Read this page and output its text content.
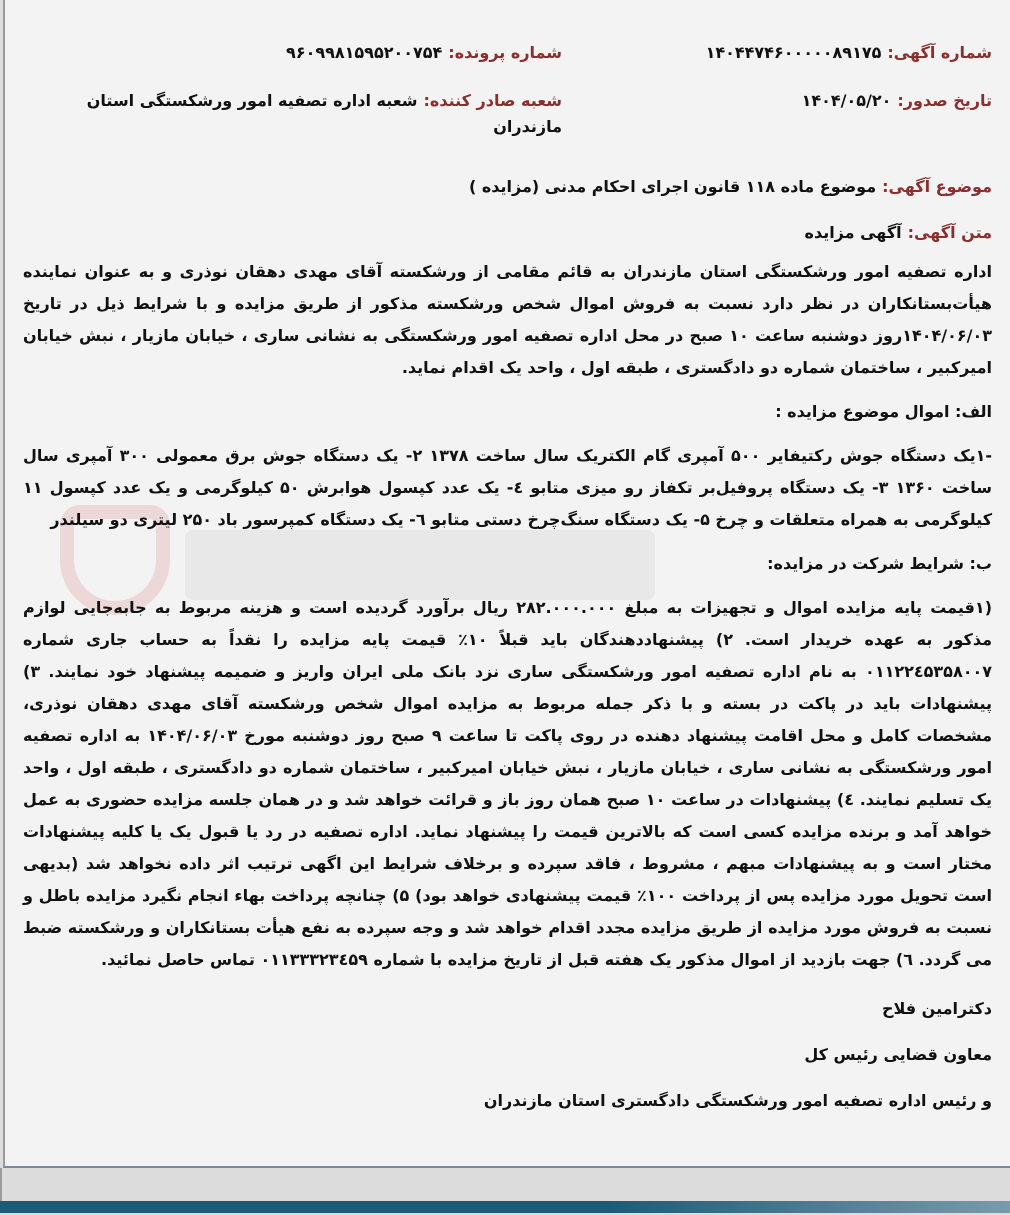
شماره آگهی:۱۴۰۴۴۷۴۶۰۰۰۰۰۸۹۱۷۵
شماره پرونده:۹۶۰۹۹۸۱۵۹۵۲۰۰۷۵۴
تاریخ صدور:۱۴۰۴/۰۵/۲۰
شعبه صادر کننده:شعبه اداره تصفیه امور ورشکستگی استان مازندران
موضوع آگهی:موضوع ماده ۱۱۸ قانون اجرای احکام مدنی (مزایده )
متن آگهی:آگهی مزایده

اداره تصفیه امور ورشکستگی استان مازندران به قائم مقامی از ورشکسته آقای مهدی دهقان نوذری و به عنوان نماینده هیأت‌بستانکاران در نظر دارد نسبت به فروش اموال شخص ورشکسته مذکور از طریق مزایده و با شرایط ذیل در تاریخ ۱۴۰۴/۰۶/۰۳روز دوشنبه ساعت ۱۰ صبح در محل اداره تصفیه امور ورشکستگی به نشانی ساری ، خیابان مازیار ، نبش خیابان امیرکبیر ، ساختمان شماره دو دادگستری ، طبقه اول ، واحد یک اقدام نماید.

الف: اموال موضوع مزایده :

-۱یک دستگاه جوش رکتیفایر ۵۰۰ آمپری گام الکتریک سال ساخت ۱۳۷۸ ۲- یک دستگاه جوش برق معمولی ۳۰۰ آمپری سال ساخت ۱۳۶۰ ۳- یک دستگاه پروفیل‌بر تکفاز رو میزی متابو ٤- یک عدد کپسول هوابرش ۵۰ کیلوگرمی و یک عدد کپسول ۱۱ کیلوگرمی به همراه متعلقات و چرخ ۵- یک دستگاه سنگ‌چرخ دستی متابو ٦- یک دستگاه کمپرسور باد ۲۵۰ لیتری دو سیلندر

ب: شرایط شرکت در مزایده:

(۱قیمت پایه مزایده اموال و تجهیزات به مبلغ ۲۸۲.۰۰۰.۰۰۰ ریال برآورد گردیده است و هزینه مربوط به جابه‌جایی لوازم مذکور به عهده خریدار است. ۲) پیشنهاددهندگان باید قبلاً ۱۰٪ قیمت پایه مزایده را نقداً به حساب جاری شماره ۰۱۱۲۲٤۵۳۵۸۰۰۷ به نام اداره تصفیه امور ورشکستگی ساری نزد بانک ملی ایران واریز و ضمیمه پیشنهاد خود نمایند. ۳) پیشنهادات باید در پاکت در بسته و با ذکر جمله مربوط به مزایده اموال شخص ورشکسته آقای مهدی دهقان نوذری، مشخصات کامل و محل اقامت پیشنهاد دهنده در روی پاکت تا ساعت ۹ صبح روز دوشنبه مورخ ۱۴۰۴/۰۶/۰۳ به اداره تصفیه امور ورشکستگی به نشانی ساری ، خیابان مازیار ، نبش خیابان امیرکبیر ، ساختمان شماره دو دادگستری ، طبقه اول ، واحد یک تسلیم نمایند. ٤) پیشنهادات در ساعت ۱۰ صبح همان روز باز و قرائت خواهد شد و در همان جلسه مزایده حضوری به عمل خواهد آمد و برنده مزایده کسی است که بالاترین قیمت را پیشنهاد نماید. اداره تصفیه در رد یا قبول یک یا کلیه پیشنهادات مختار است و به پیشنهادات مبهم ، مشروط ، فاقد سپرده و برخلاف شرایط این اگهی ترتیب اثر داده نخواهد شد (بدیهی است تحویل مورد مزایده پس از پرداخت ۱۰۰٪ قیمت پیشنهادی خواهد بود) ۵) چنانچه پرداخت بهاء انجام نگیرد مزایده باطل و نسبت به فروش مورد مزایده از طریق مزایده مجدد اقدام خواهد شد و وجه سپرده به نفع هیأت بستانکاران و ورشکسته ضبط می گردد. ٦) جهت بازدید از اموال مذکور یک هفته قبل از تاریخ مزایده با شماره ۰۱۱۳۳۳۲۳٤۵۹ تماس حاصل نمائید.

دکترامین فلاح
معاون قضایی رئیس کل
و رئیس اداره تصفیه امور ورشکستگی دادگستری استان مازندران
